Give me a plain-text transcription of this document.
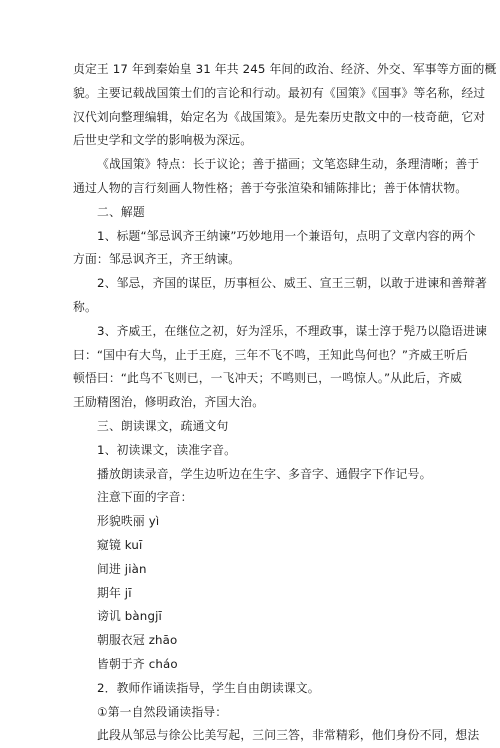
贞定王 17 年到秦始皇 31 年共 245 年间的政治、经济、外交、军事等方面的概
貌。主要记载战国策士们的言论和行动。最初有《国策》《国事》等名称，经过
汉代刘向整理编辑，始定名为《战国策》。是先秦历史散文中的一枝奇葩，它对
后世史学和文学的影响极为深远。
《战国策》特点：长于议论；善于描画；文笔恣肆生动，条理清晰；善于
通过人物的言行刻画人物性格；善于夸张渲染和铺陈排比；善于体情状物。
二、解题
1、标题“邹忌讽齐王纳谏”巧妙地用一个兼语句，点明了文章内容的两个
方面：邹忌讽齐王，齐王纳谏。
2、邹忌，齐国的谋臣，历事桓公、威王、宣王三朝，以敢于进谏和善辩著
称。
3、齐威王，在继位之初，好为淫乐，不理政事，谋士淳于髡乃以隐语进谏
曰：“国中有大鸟，止于王庭，三年不飞不鸣，王知此鸟何也？”齐威王听后
顿悟曰：“此鸟不飞则已，一飞冲天；不鸣则已，一鸣惊人。”从此后，齐威
王励精图治，修明政治，齐国大治。
三、朗读课文，疏通文句
1、初读课文，读准字音。
播放朗读录音，学生边听边在生字、多音字、通假字下作记号。
注意下面的字音：
形貌昳丽 yì
窥镜 kuī
间进 jiàn
期年 jī
谤讥 bàngjī
朝服衣冠 zhāo
皆朝于齐 cháo
2．教师作诵读指导，学生自由朗读课文。
①第一自然段诵读指导：
此段从邹忌与徐公比美写起，三问三答，非常精彩，他们身份不同，想法
